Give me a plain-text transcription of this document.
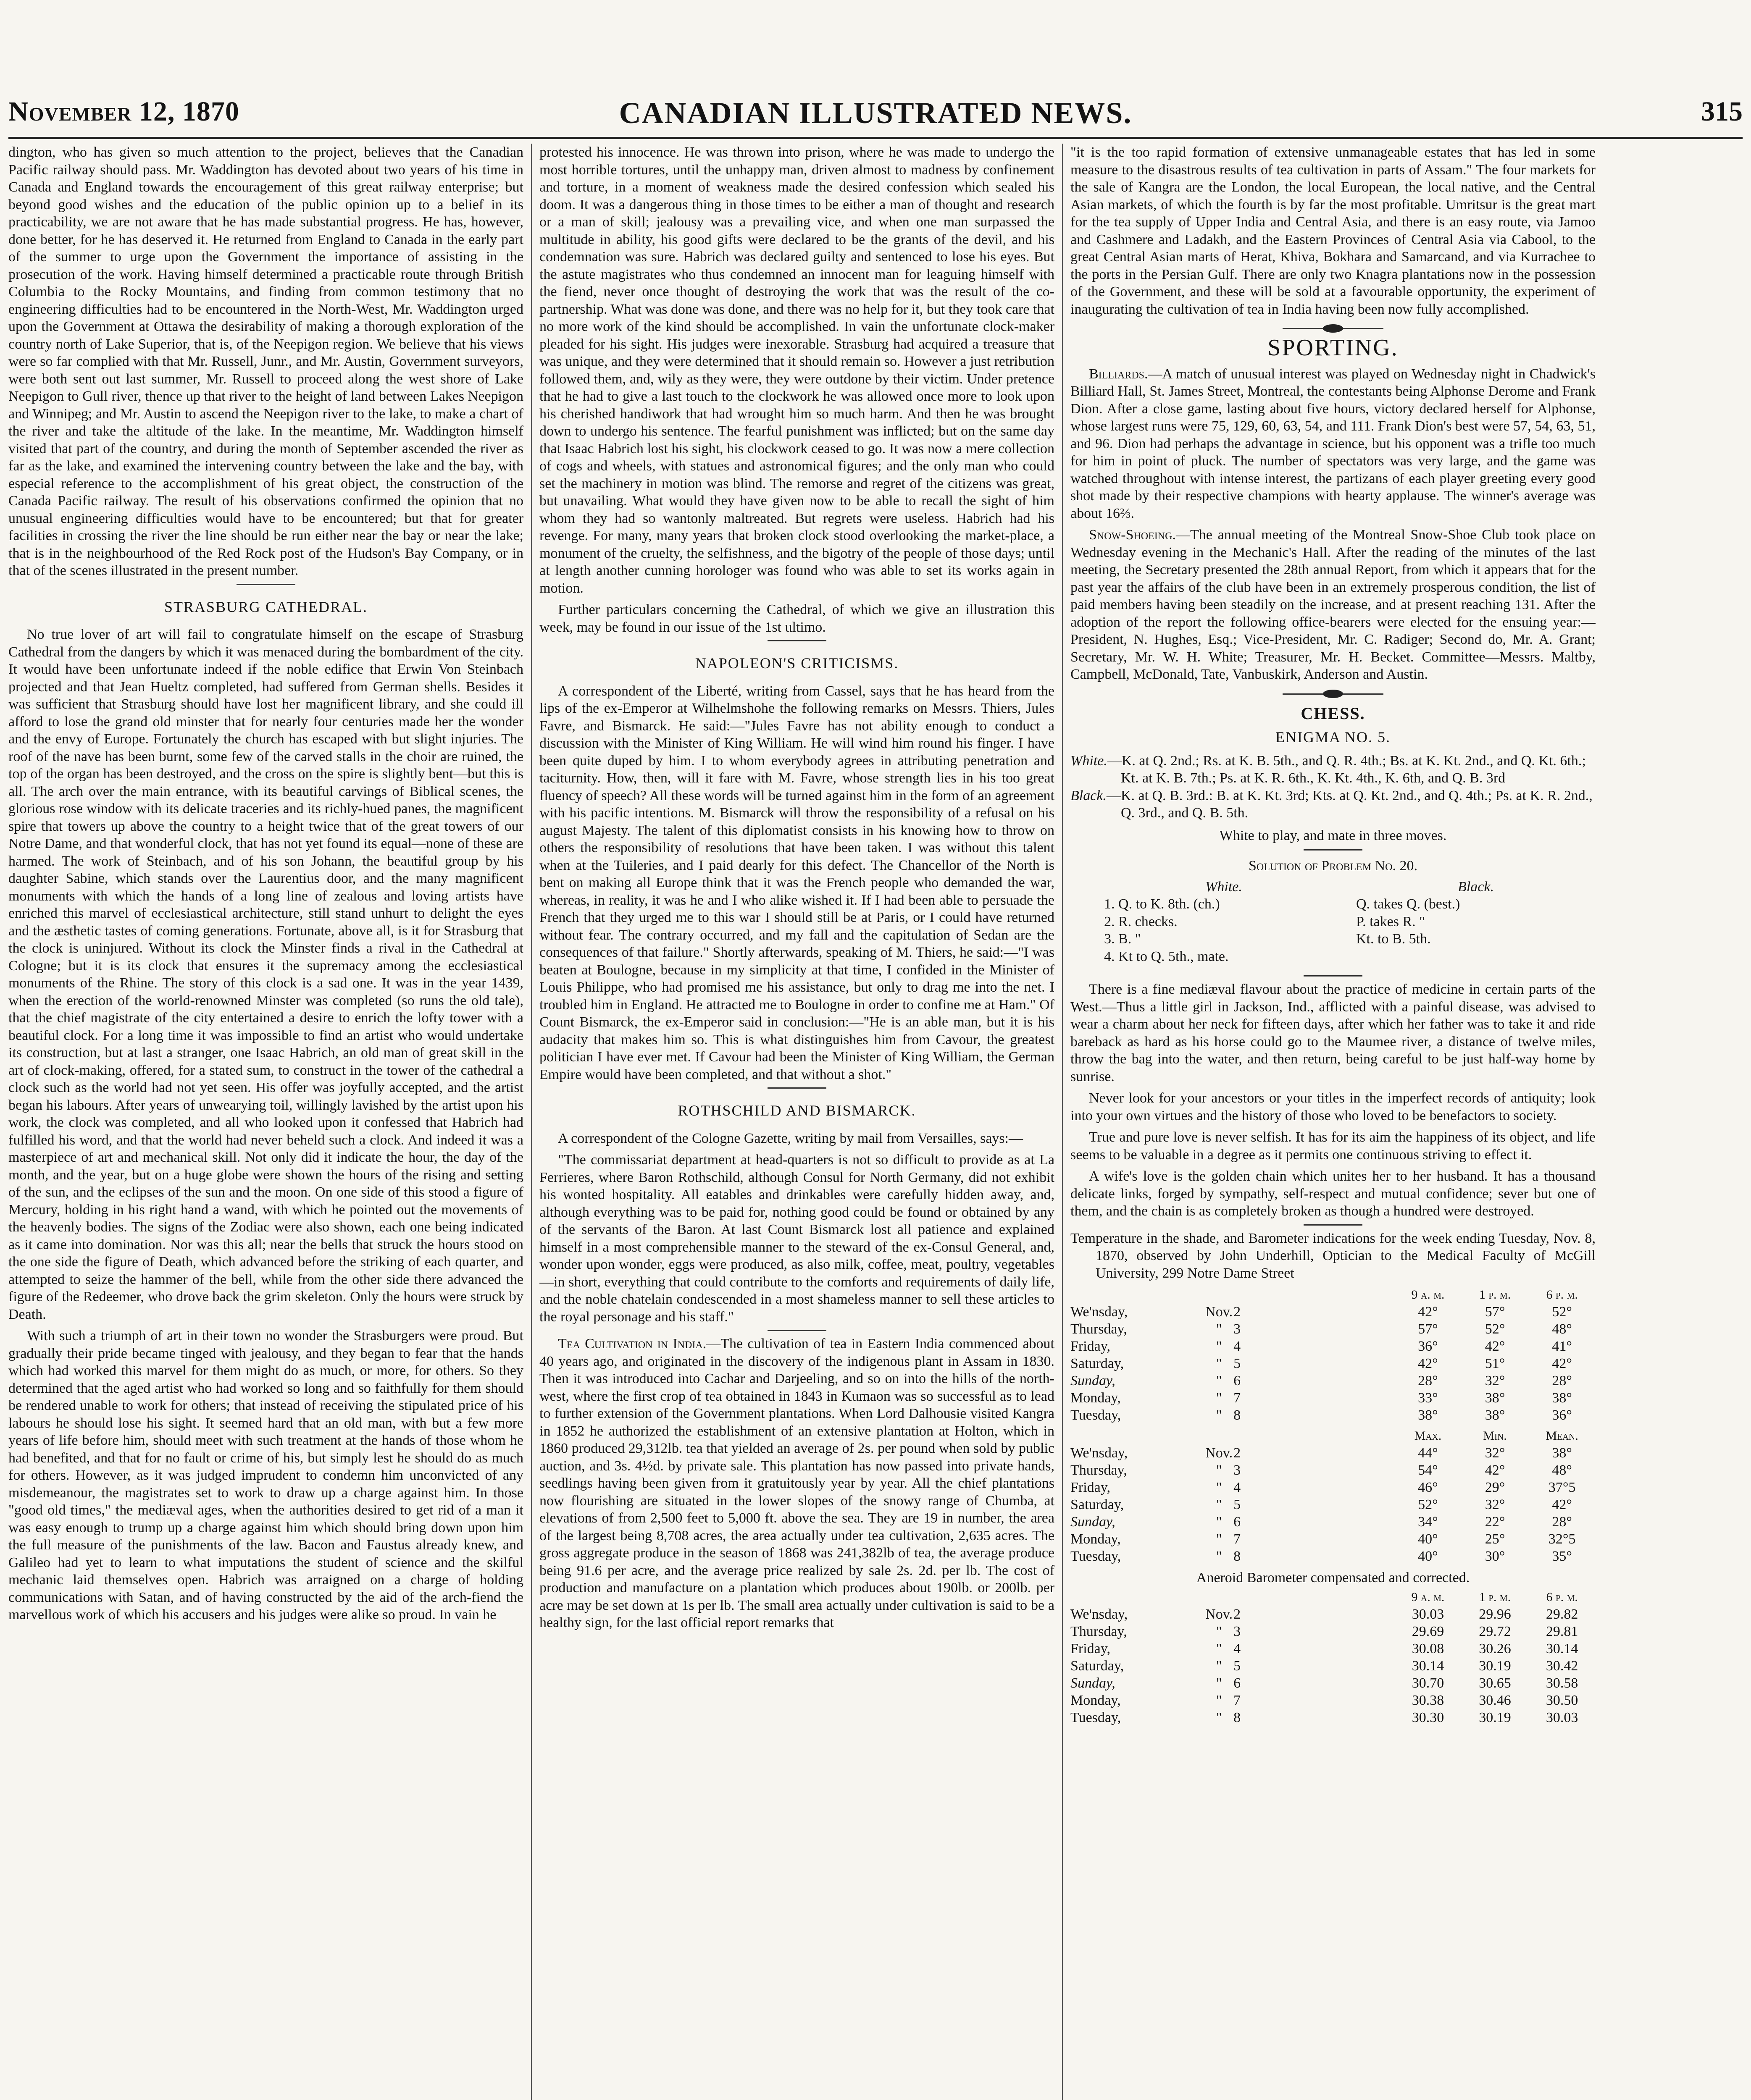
November 12, 1870	CANADIAN ILLUSTRATED NEWS.	315

dington, who has given so much attention to the project, believes that the Canadian Pacific railway should pass. Mr. Waddington has devoted about two years of his time in Canada and England towards the encouragement of this great railway enterprise; but beyond good wishes and the education of the public opinion up to a belief in its practicability, we are not aware that he has made substantial progress. He has, however, done better, for he has deserved it. He returned from England to Canada in the early part of the summer to urge upon the Government the importance of assisting in the prosecution of the work. Having himself determined a practicable route through British Columbia to the Rocky Mountains, and finding from common testimony that no engineering difficulties had to be encountered in the North-West, Mr. Waddington urged upon the Government at Ottawa the desirability of making a thorough exploration of the country north of Lake Superior, that is, of the Neepigon region. We believe that his views were so far complied with that Mr. Russell, Junr., and Mr. Austin, Government surveyors, were both sent out last summer, Mr. Russell to proceed along the west shore of Lake Neepigon to Gull river, thence up that river to the height of land between Lakes Neepigon and Winnipeg; and Mr. Austin to ascend the Neepigon river to the lake, to make a chart of the river and take the altitude of the lake. In the meantime, Mr. Waddington himself visited that part of the country, and during the month of September ascended the river as far as the lake, and examined the intervening country between the lake and the bay, with especial reference to the accomplishment of his great object, the construction of the Canada Pacific railway. The result of his observations confirmed the opinion that no unusual engineering difficulties would have to be encountered; but that for greater facilities in crossing the river the line should be run either near the bay or near the lake; that is in the neighbourhood of the Red Rock post of the Hudson's Bay Company, or in that of the scenes illustrated in the present number.

STRASBURG CATHEDRAL.

No true lover of art will fail to congratulate himself on the escape of Strasburg Cathedral from the dangers by which it was menaced during the bombardment of the city. It would have been unfortunate indeed if the noble edifice that Erwin Von Steinbach projected and that Jean Hueltz completed, had suffered from German shells. Besides it was sufficient that Strasburg should have lost her magnificent library, and she could ill afford to lose the grand old minster that for nearly four centuries made her the wonder and the envy of Europe. Fortunately the church has escaped with but slight injuries. The roof of the nave has been burnt, some few of the carved stalls in the choir are ruined, the top of the organ has been destroyed, and the cross on the spire is slightly bent—but this is all. The arch over the main entrance, with its beautiful carvings of Biblical scenes, the glorious rose window with its delicate traceries and its richly-hued panes, the magnificent spire that towers up above the country to a height twice that of the great towers of our Notre Dame, and that wonderful clock, that has not yet found its equal—none of these are harmed. The work of Steinbach, and of his son Johann, the beautiful group by his daughter Sabine, which stands over the Laurentius door, and the many magnificent monuments with which the hands of a long line of zealous and loving artists have enriched this marvel of ecclesiastical architecture, still stand unhurt to delight the eyes and the æsthetic tastes of coming generations. Fortunate, above all, is it for Strasburg that the clock is uninjured. Without its clock the Minster finds a rival in the Cathedral at Cologne; but it is its clock that ensures it the supremacy among the ecclesiastical monuments of the Rhine. The story of this clock is a sad one. It was in the year 1439, when the erection of the world-renowned Minster was completed (so runs the old tale), that the chief magistrate of the city entertained a desire to enrich the lofty tower with a beautiful clock. For a long time it was impossible to find an artist who would undertake its construction, but at last a stranger, one Isaac Habrich, an old man of great skill in the art of clock-making, offered, for a stated sum, to construct in the tower of the cathedral a clock such as the world had not yet seen. His offer was joyfully accepted, and the artist began his labours. After years of unwearying toil, willingly lavished by the artist upon his work, the clock was completed, and all who looked upon it confessed that Habrich had fulfilled his word, and that the world had never beheld such a clock. And indeed it was a masterpiece of art and mechanical skill. Not only did it indicate the hour, the day of the month, and the year, but on a huge globe were shown the hours of the rising and setting of the sun, and the eclipses of the sun and the moon. On one side of this stood a figure of Mercury, holding in his right hand a wand, with which he pointed out the movements of the heavenly bodies. The signs of the Zodiac were also shown, each one being indicated as it came into domination. Nor was this all; near the bells that struck the hours stood on the one side the figure of Death, which advanced before the striking of each quarter, and attempted to seize the hammer of the bell, while from the other side there advanced the figure of the Redeemer, who drove back the grim skeleton. Only the hours were struck by Death.

With such a triumph of art in their town no wonder the Strasburgers were proud. But gradually their pride became tinged with jealousy, and they began to fear that the hands which had worked this marvel for them might do as much, or more, for others. So they determined that the aged artist who had worked so long and so faithfully for them should be rendered unable to work for others; that instead of receiving the stipulated price of his labours he should lose his sight. It seemed hard that an old man, with but a few more years of life before him, should meet with such treatment at the hands of those whom he had benefited, and that for no fault or crime of his, but simply lest he should do as much for others. However, as it was judged imprudent to condemn him unconvicted of any misdemeanour, the magistrates set to work to draw up a charge against him. In those "good old times," the mediæval ages, when the authorities desired to get rid of a man it was easy enough to trump up a charge against him which should bring down upon him the full measure of the punishments of the law. Bacon and Faustus already knew, and Galileo had yet to learn to what imputations the student of science and the skilful mechanic laid themselves open. Habrich was arraigned on a charge of holding communications with Satan, and of having constructed by the aid of the arch-fiend the marvellous work of which his accusers and his judges were alike so proud. In vain he

protested his innocence. He was thrown into prison, where he was made to undergo the most horrible tortures, until the unhappy man, driven almost to madness by confinement and torture, in a moment of weakness made the desired confession which sealed his doom. It was a dangerous thing in those times to be either a man of thought and research or a man of skill; jealousy was a prevailing vice, and when one man surpassed the multitude in ability, his good gifts were declared to be the grants of the devil, and his condemnation was sure. Habrich was declared guilty and sentenced to lose his eyes. But the astute magistrates who thus condemned an innocent man for leaguing himself with the fiend, never once thought of destroying the work that was the result of the co-partnership. What was done was done, and there was no help for it, but they took care that no more work of the kind should be accomplished. In vain the unfortunate clock-maker pleaded for his sight. His judges were inexorable. Strasburg had acquired a treasure that was unique, and they were determined that it should remain so. However a just retribution followed them, and, wily as they were, they were outdone by their victim. Under pretence that he had to give a last touch to the clockwork he was allowed once more to look upon his cherished handiwork that had wrought him so much harm. And then he was brought down to undergo his sentence. The fearful punishment was inflicted; but on the same day that Isaac Habrich lost his sight, his clockwork ceased to go. It was now a mere collection of cogs and wheels, with statues and astronomical figures; and the only man who could set the machinery in motion was blind. The remorse and regret of the citizens was great, but unavailing. What would they have given now to be able to recall the sight of him whom they had so wantonly maltreated. But regrets were useless. Habrich had his revenge. For many, many years that broken clock stood overlooking the market-place, a monument of the cruelty, the selfishness, and the bigotry of the people of those days; until at length another cunning horologer was found who was able to set its works again in motion.

Further particulars concerning the Cathedral, of which we give an illustration this week, may be found in our issue of the 1st ultimo.

NAPOLEON'S CRITICISMS.

A correspondent of the Liberté, writing from Cassel, says that he has heard from the lips of the ex-Emperor at Wilhelmshohe the following remarks on Messrs. Thiers, Jules Favre, and Bismarck. He said:—"Jules Favre has not ability enough to conduct a discussion with the Minister of King William. He will wind him round his finger. I have been quite duped by him. I to whom everybody agrees in attributing penetration and taciturnity. How, then, will it fare with M. Favre, whose strength lies in his too great fluency of speech? All these words will be turned against him in the form of an agreement with his pacific intentions. M. Bismarck will throw the responsibility of a refusal on his august Majesty. The talent of this diplomatist consists in his knowing how to throw on others the responsibility of resolutions that have been taken. I was without this talent when at the Tuileries, and I paid dearly for this defect. The Chancellor of the North is bent on making all Europe think that it was the French people who demanded the war, whereas, in reality, it was he and I who alike wished it. If I had been able to persuade the French that they urged me to this war I should still be at Paris, or I could have returned without fear. The contrary occurred, and my fall and the capitulation of Sedan are the consequences of that failure." Shortly afterwards, speaking of M. Thiers, he said:—"I was beaten at Boulogne, because in my simplicity at that time, I confided in the Minister of Louis Philippe, who had promised me his assistance, but only to drag me into the net. I troubled him in England. He attracted me to Boulogne in order to confine me at Ham." Of Count Bismarck, the ex-Emperor said in conclusion:—"He is an able man, but it is his audacity that makes him so. This is what distinguishes him from Cavour, the greatest politician I have ever met. If Cavour had been the Minister of King William, the German Empire would have been completed, and that without a shot."

ROTHSCHILD AND BISMARCK.

A correspondent of the Cologne Gazette, writing by mail from Versailles, says:—

"The commissariat department at head-quarters is not so difficult to provide as at La Ferrieres, where Baron Rothschild, although Consul for North Germany, did not exhibit his wonted hospitality. All eatables and drinkables were carefully hidden away, and, although everything was to be paid for, nothing good could be found or obtained by any of the servants of the Baron. At last Count Bismarck lost all patience and explained himself in a most comprehensible manner to the steward of the ex-Consul General, and, wonder upon wonder, eggs were produced, as also milk, coffee, meat, poultry, vegetables—in short, everything that could contribute to the comforts and requirements of daily life, and the noble chatelain condescended in a most shameless manner to sell these articles to the royal personage and his staff."

Tea Cultivation in India.—The cultivation of tea in Eastern India commenced about 40 years ago, and originated in the discovery of the indigenous plant in Assam in 1830. Then it was introduced into Cachar and Darjeeling, and so on into the hills of the north-west, where the first crop of tea obtained in 1843 in Kumaon was so successful as to lead to further extension of the Government plantations. When Lord Dalhousie visited Kangra in 1852 he authorized the establishment of an extensive plantation at Holton, which in 1860 produced 29,312lb. tea that yielded an average of 2s. per pound when sold by public auction, and 3s. 4½d. by private sale. This plantation has now passed into private hands, seedlings having been given from it gratuitously year by year. All the chief plantations now flourishing are situated in the lower slopes of the snowy range of Chumba, at elevations of from 2,500 feet to 5,000 ft. above the sea. They are 19 in number, the area of the largest being 8,708 acres, the area actually under tea cultivation, 2,635 acres. The gross aggregate produce in the season of 1868 was 241,382lb of tea, the average produce being 91.6 per acre, and the average price realized by sale 2s. 2d. per lb. The cost of production and manufacture on a plantation which produces about 190lb. or 200lb. per acre may be set down at 1s per lb. The small area actually under cultivation is said to be a healthy sign, for the last official report remarks that

"it is the too rapid formation of extensive unmanageable estates that has led in some measure to the disastrous results of tea cultivation in parts of Assam." The four markets for the sale of Kangra are the London, the local European, the local native, and the Central Asian markets, of which the fourth is by far the most profitable. Umritsur is the great mart for the tea supply of Upper India and Central Asia, and there is an easy route, via Jamoo and Cashmere and Ladakh, and the Eastern Provinces of Central Asia via Cabool, to the great Central Asian marts of Herat, Khiva, Bokhara and Samarcand, and via Kurrachee to the ports in the Persian Gulf. There are only two Knagra plantations now in the possession of the Government, and these will be sold at a favourable opportunity, the experiment of inaugurating the cultivation of tea in India having been now fully accomplished.

SPORTING.

Billiards.—A match of unusual interest was played on Wednesday night in Chadwick's Billiard Hall, St. James Street, Montreal, the contestants being Alphonse Derome and Frank Dion. After a close game, lasting about five hours, victory declared herself for Alphonse, whose largest runs were 75, 129, 60, 63, 54, and 111. Frank Dion's best were 57, 54, 63, 51, and 96. Dion had perhaps the advantage in science, but his opponent was a trifle too much for him in point of pluck. The number of spectators was very large, and the game was watched throughout with intense interest, the partizans of each player greeting every good shot made by their respective champions with hearty applause. The winner's average was about 16⅔.

Snow-Shoeing.—The annual meeting of the Montreal Snow-Shoe Club took place on Wednesday evening in the Mechanic's Hall. After the reading of the minutes of the last meeting, the Secretary presented the 28th annual Report, from which it appears that for the past year the affairs of the club have been in an extremely prosperous condition, the list of paid members having been steadily on the increase, and at present reaching 131. After the adoption of the report the following office-bearers were elected for the ensuing year:—President, N. Hughes, Esq.; Vice-President, Mr. C. Radiger; Second do, Mr. A. Grant; Secretary, Mr. W. H. White; Treasurer, Mr. H. Becket. Committee—Messrs. Maltby, Campbell, McDonald, Tate, Vanbuskirk, Anderson and Austin.

CHESS.
ENIGMA NO. 5.
White.—K. at Q. 2nd.; Rs. at K. B. 5th., and Q. R. 4th.; Bs. at K. Kt. 2nd., and Q. Kt. 6th.; Kt. at K. B. 7th.; Ps. at K. R. 6th., K. Kt. 4th., K. 6th, and Q. B. 3rd
Black.—K. at Q. B. 3rd.: B. at K. Kt. 3rd; Kts. at Q. Kt. 2nd., and Q. 4th.; Ps. at K. R. 2nd., Q. 3rd., and Q. B. 5th.
White to play, and mate in three moves.
Solution of Problem No. 20.
White.	Black.
1. Q. to K. 8th. (ch.)	Q. takes Q. (best.)
2. R. checks.	P. takes R. "
3. B. "	Kt. to B. 5th.
4. Kt to Q. 5th., mate.

There is a fine mediæval flavour about the practice of medicine in certain parts of the West.—Thus a little girl in Jackson, Ind., afflicted with a painful disease, was advised to wear a charm about her neck for fifteen days, after which her father was to take it and ride bareback as hard as his horse could go to the Maumee river, a distance of twelve miles, throw the bag into the water, and then return, being careful to be just half-way home by sunrise.

Never look for your ancestors or your titles in the imperfect records of antiquity; look into your own virtues and the history of those who loved to be benefactors to society.

True and pure love is never selfish. It has for its aim the happiness of its object, and life seems to be valuable in a degree as it permits one continuous striving to effect it.

A wife's love is the golden chain which unites her to her husband. It has a thousand delicate links, forged by sympathy, self-respect and mutual confidence; sever but one of them, and the chain is as completely broken as though a hundred were destroyed.

Temperature in the shade, and Barometer indications for the week ending Tuesday, Nov. 8, 1870, observed by John Underhill, Optician to the Medical Faculty of McGill University, 299 Notre Dame Street

			9 a. m.	1 p. m.	6 p. m.
We'nsday,	Nov.	2	42°	57°	52°
Thursday,	"	3	57°	52°	48°
Friday,	"	4	36°	42°	41°
Saturday,	"	5	42°	51°	42°
Sunday,	"	6	28°	32°	28°
Monday,	"	7	33°	38°	38°
Tuesday,	"	8	38°	38°	36°
			Max.	Min.	Mean.
We'nsday,	Nov.	2	44°	32°	38°
Thursday,	"	3	54°	42°	48°
Friday,	"	4	46°	29°	37°5
Saturday,	"	5	52°	32°	42°
Sunday,	"	6	34°	22°	28°
Monday,	"	7	40°	25°	32°5
Tuesday,	"	8	40°	30°	35°
Aneroid Barometer compensated and corrected.
			9 a. m.	1 p. m.	6 p. m.
We'nsday,	Nov.	2	30.03	29.96	29.82
Thursday,	"	3	29.69	29.72	29.81
Friday,	"	4	30.08	30.26	30.14
Saturday,	"	5	30.14	30.19	30.42
Sunday,	"	6	30.70	30.65	30.58
Monday,	"	7	30.38	30.46	30.50
Tuesday,	"	8	30.30	30.19	30.03
